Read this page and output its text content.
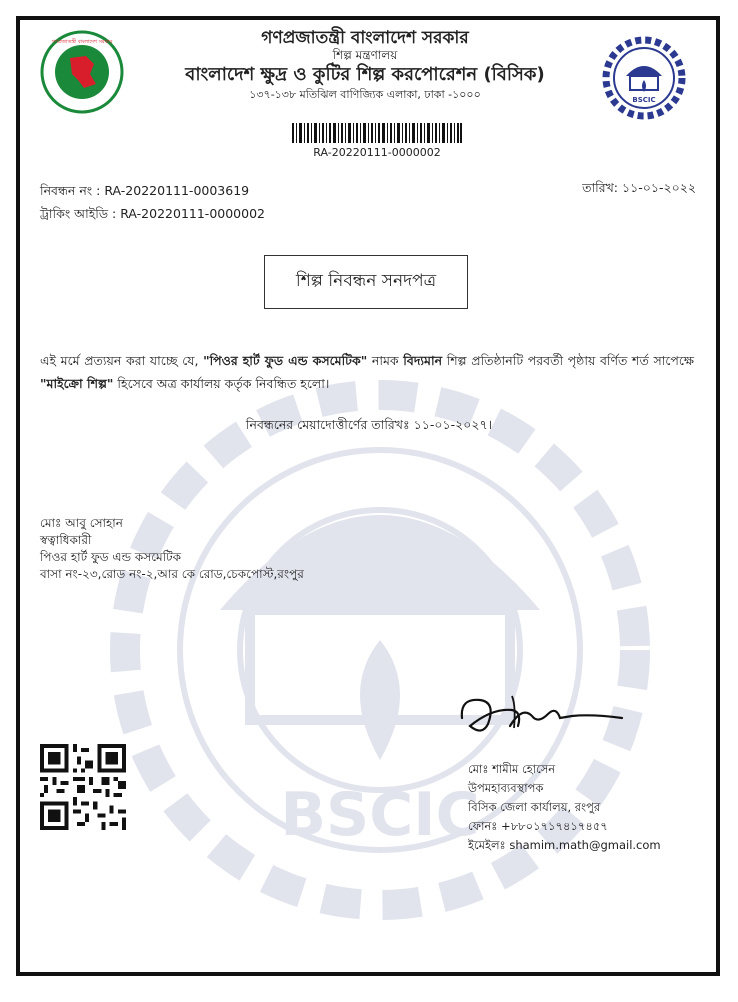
BSCIC
গণপ্রজাতন্ত্রী বাংলাদেশ সরকার
BSCIC
গণপ্রজাতন্ত্রী বাংলাদেশ সরকার
শিল্প মন্ত্রণালয়
বাংলাদেশ ক্ষুদ্র ও কুটির শিল্প করপোরেশন (বিসিক)
১৩৭-১৩৮ মতিঝিল বাণিজ্যিক এলাকা, ঢাকা -১০০০
RA-20220111-0000002
নিবন্ধন নং : RA-20220111-0003619
ট্রাকিং আইডি : RA-20220111-0000002
তারিখ: ১১-০১-২০২২
শিল্প নিবন্ধন সনদপত্র
এই মর্মে প্রত্যয়ন করা যাচ্ছে যে, "পিওর হার্ট ফুড এন্ড কসমেটিক" নামক বিদ্যমান শিল্প প্রতিষ্ঠানটি পরবর্তী পৃষ্ঠায় বর্ণিত শর্ত সাপেক্ষে "মাইক্রো শিল্প" হিসেবে অত্র কার্যালয় কর্তৃক নিবন্ধিত হলো।
নিবন্ধনের মেয়াদোত্তীর্ণের তারিখঃ ১১-০১-২০২৭।
মোঃ আবু সোহান
স্বত্বাধিকারী
পিওর হার্ট ফুড এন্ড কসমেটিক
বাসা নং-২৩,রোড নং-২,আর কে রোড,চেকপোস্ট,রংপুর
মোঃ শামীম হোসেন
উপমহাব্যবস্থাপক
বিসিক জেলা কার্যালয়, রংপুর
ফোনঃ +৮৮০১৭১৭৪১৭৪৫৭
ইমেইলঃ shamim.math@gmail.com
